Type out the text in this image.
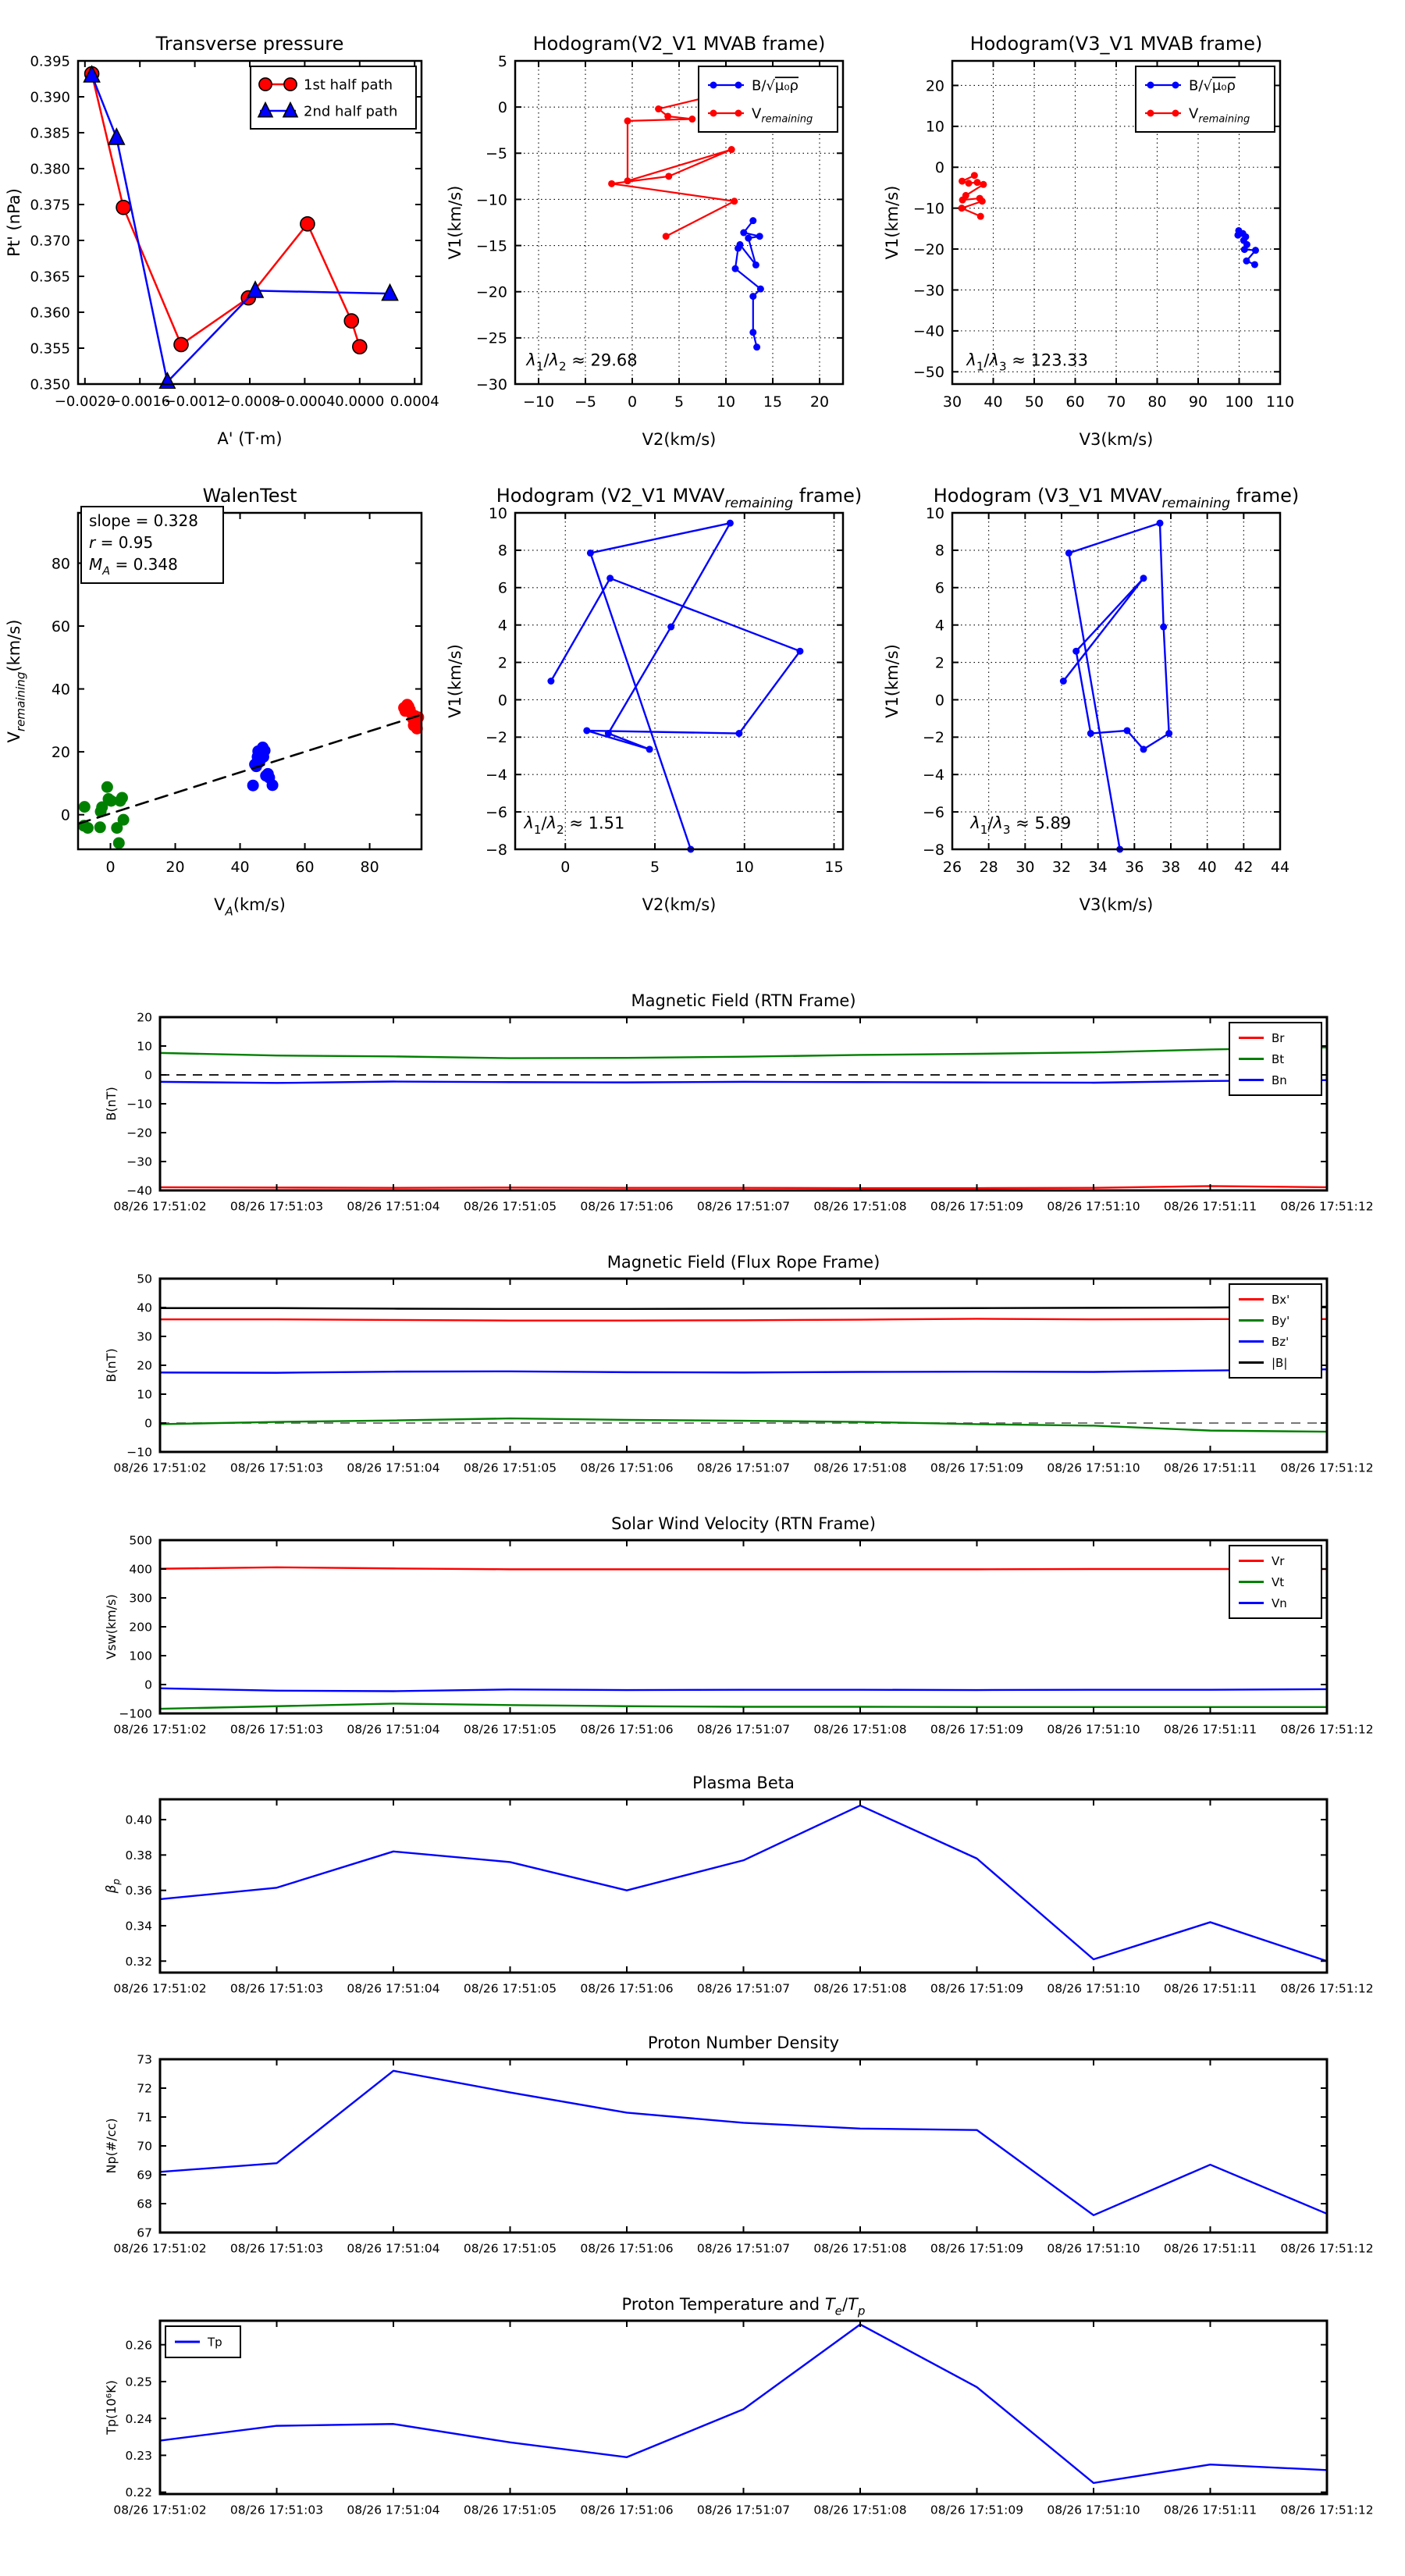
−0.0020
−0.0016
−0.0012
−0.0008
−0.0004 0.0000 0.0004
0.350
0.355
0.360
0.365
0.370
0.375
0.380
0.385
0.390
0.395
A' (T·m)
Pt' (nPa)
Transverse pressure
1st half path
2nd half path
−10 −5 0	5 10 15 20
5
0
−5
−10
−15
−20
−25
−30
V2(km/s)
V1(km/s)
Hodogram(V2_V1 MVAB frame)
B/√μ₀ρ
$V_{remaining}$
$\lambda_1/\lambda_2 \approx 29.68$
30 40 50 60 70 80 90 100 110
20
10
0
−10
−20
−30
−40
−50
V3(km/s)
V1(km/s)
Hodogram(V3_V1 MVAB frame)
B/√μ₀ρ
$V_{remaining}$
$\lambda_1/\lambda_3 \approx 123.33$
0	20	40	60	80
0
20
40
60
80
$V_A(km/s)$
$V_{remaining}(km/s)$
WalenTest
slope = 0.328
r = 0.95
$M_A = 0.348$
0	5	10	15
10
8
6
4
2
0
−2
−4
−6
−8
V2(km/s)
V1(km/s)
Hodogram (V2_V1 $MVAV_{remaining}$ frame)
$\lambda_1/\lambda_2 \approx 1.51$
26 28 30 32 34 36 38 40 42 44
10
8
6
4
2
0
−2
−4
−6
−8
V3(km/s)
V1(km/s)
Hodogram (V3_V1 $MVAV_{remaining}$ frame)
$\lambda_1/\lambda_3 \approx 5.89$
08/26 17:51:02 08/26 17:51:03 08/26 17:51:04 08/26 17:51:05 08/26 17:51:06 08/26 17:51:07 08/26 17:51:08 08/26 17:51:09 08/26 17:51:10 08/26 17:51:11 08/26 17:51:12
20
10
0
−10
−20
−30
−40
B(nT)
Magnetic Field (RTN Frame)
Br
Bt
Bn
08/26 17:51:02 08/26 17:51:03 08/26 17:51:04 08/26 17:51:05 08/26 17:51:06 08/26 17:51:07 08/26 17:51:08 08/26 17:51:09 08/26 17:51:10 08/26 17:51:11 08/26 17:51:12
50
40
30
20
10
0
−10
B(nT)
Magnetic Field (Flux Rope Frame)
Bx'
By'
Bz'
|B|
08/26 17:51:02 08/26 17:51:03 08/26 17:51:04 08/26 17:51:05 08/26 17:51:06 08/26 17:51:07 08/26 17:51:08 08/26 17:51:09 08/26 17:51:10 08/26 17:51:11 08/26 17:51:12
500
400
300
200
100
0
−100
Vsw(km/s)
Solar Wind Velocity (RTN Frame)
Vr
Vt
Vn
08/26 17:51:02 08/26 17:51:03 08/26 17:51:04 08/26 17:51:05 08/26 17:51:06 08/26 17:51:07 08/26 17:51:08 08/26 17:51:09 08/26 17:51:10 08/26 17:51:11 08/26 17:51:12
0.40
0.38
0.36
0.34
0.32
$\beta_p$
Plasma Beta
08/26 17:51:02 08/26 17:51:03 08/26 17:51:04 08/26 17:51:05 08/26 17:51:06 08/26 17:51:07 08/26 17:51:08 08/26 17:51:09 08/26 17:51:10 08/26 17:51:11 08/26 17:51:12
73
72
71
70
69
68
67
Np(#/cc)
Proton Number Density
08/26 17:51:02 08/26 17:51:03 08/26 17:51:04 08/26 17:51:05 08/26 17:51:06 08/26 17:51:07 08/26 17:51:08 08/26 17:51:09 08/26 17:51:10 08/26 17:51:11 08/26 17:51:12
0.26
0.25
0.24
0.23
0.22
Tp(10⁶K)
Proton Temperature and $T_e/T_p$
Tp
